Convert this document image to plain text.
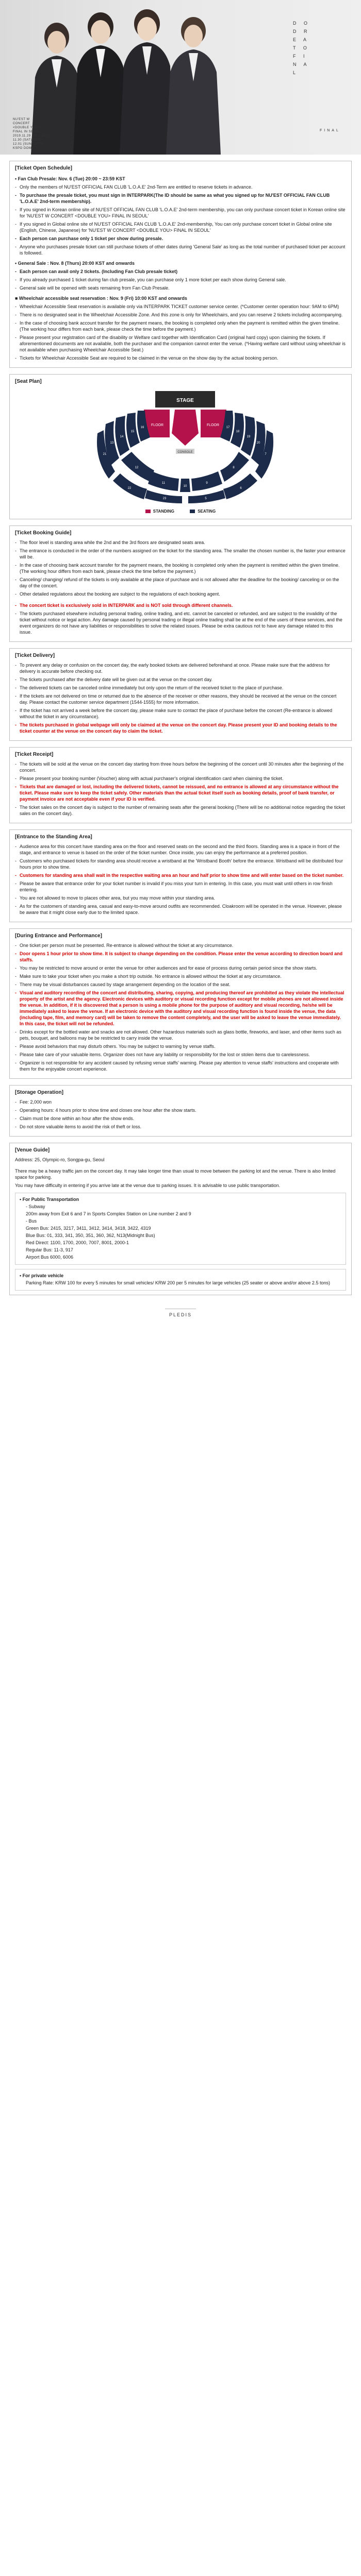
D O
D R
E A
T O
F I
N A
L
NU'EST W
CONCERT
<DOUBLE YOU>
FINAL IN SEOUL
2019.11.29 (FRI) 20:00
11.30 (SAT) 18:00
12.01 (SUN) 17:00
KSPO DOME
FINAL
[Ticket Open Schedule]
• Fan Club Presale: Nov. 6 (Tue) 20:00 ~ 23:59 KST
- Only the members of NU'EST OFFICIAL FAN CLUB 'L.O.A.E' 2nd-Term are entitled to reserve tickets in advance.
- To purchase the presale ticket, you must sign in INTERPARK(The ID should be same as what you signed up for NU'EST OFFICIAL FAN CLUB 'L.O.A.E' 2nd-term membership).
- If you signed in Korean online site of NU'EST OFFICIAL FAN CLUB 'L.O.A.E' 2nd-term membership, you can only purchase concert ticket in Korean online site for 'NU'EST W CONCERT <DOUBLE YOU> FINAL IN SEOUL'
- If you signed in Global online site of NU'EST OFFICIAL FAN CLUB 'L.O.A.E' 2nd-membership, You can only purchase concert ticket in Global online site (English, Chinese, Japanese) for 'NU'EST W CONCERT <DOUBLE YOU> FINAL IN SEOUL'
- Each person can purchase only 1 ticket per show during presale.
- Anyone who purchases presale ticket can still purchase tickets of other dates during 'General Sale' as long as the total number of purchased ticket per account is followed.
• General Sale : Nov. 8 (Thurs) 20:00 KST and onwards
- Each person can avail only 2 tickets. (Including Fan Club presale ticket)
- If you already purchased 1 ticket during fan club presale, you can purchase only 1 more ticket per each show during General sale.
- General sale will be opened with seats remaining from Fan Club Presale.
■ Wheelchair accessible seat reservation : Nov. 9 (Fri) 10:00 KST and onwards
- Wheelchair Accessible Seat reservation is available only via INTERPARK TICKET customer service center. (*Customer center operation hour: 9AM to 6PM)
- There is no designated seat in the Wheelchair Accessible Zone. And this zone is only for Wheelchairs, and you can reserve 2 tickets including accompanying.
- In the case of choosing bank account transfer for the payment means, the booking is completed only when the payment is remitted within the given timeline. (The working hour differs from each bank, please check the time before the payment.)
- Please present your registration card of the disability or Welfare card together with Identification Card (original hard copy) upon claiming the tickets. If aforementioned documents are not available, both the purchaser and the companion cannot enter the venue. (*Having welfare card without using wheelchair is not available when purchasing Wheelchair Accessible Seat.)
- Tickets for Wheelchair Accessible Seat are required to be claimed in the venue on the show day by the actual booking person.
[Seat Plan]
STAGE
FLOOR	FLOOR
CONSOLE
16
15
14
13
17
18
19
20
12
11
10
9
8
21	7
22	6
23	5
STANDING	SEATING
[Ticket Booking Guide]
- The floor level is standing area while the 2nd and the 3rd floors are designated seats area.
- The entrance is conducted in the order of the numbers assigned on the ticket for the standing area. The smaller the chosen number is, the faster your entrance will be.
- In the case of choosing bank account transfer for the payment means, the booking is completed only when the payment is remitted within the given timeline. (The working hour differs from each bank, please check the time before the payment.)
- Canceling/ changing/ refund of the tickets is only available at the place of purchase and is not allowed after the deadline for the booking/ canceling or on the day of the concert.
- Other detailed regulations about the booking are subject to the regulations of each booking agent.
- The concert ticket is exclusively sold in INTERPARK and is NOT sold through different channels.
- The tickets purchased elsewhere including personal trading, online trading, and etc. cannot be canceled or refunded, and are subject to the invalidity of the ticket without notice or legal action. Any damage caused by personal trading or illegal online trading shall be at the end of the users of these services, and the event organizers do not have any liabilities or responsibilities to solve the related issues. Please be extra cautious not to have any damage related to this issue.
[Ticket Delivery]
- To prevent any delay or confusion on the concert day, the early booked tickets are delivered beforehand at once. Please make sure that the address for delivery is accurate before checking out.
- The tickets purchased after the delivery date will be given out at the venue on the concert day.
- The delivered tickets can be canceled online immediately but only upon the return of the received ticket to the place of purchase.
- If the tickets are not delivered on time or returned due to the absence of the receiver or other reasons, they should be received at the venue on the concert day. Please contact the customer service department (1544-1555) for more information.
- If the ticket has not arrived a week before the concert day, please make sure to contact the place of purchase before the concert (Re-entrance is allowed without the ticket in any circumstance).
- The tickets purchased in global webpage will only be claimed at the venue on the concert day. Please present your ID and booking details to the ticket counter at the venue on the concert day to claim the ticket.
[Ticket Receipt]
- The tickets will be sold at the venue on the concert day starting from three hours before the beginning of the concert until 30 minutes after the beginning of the concert.
- Please present your booking number (Voucher) along with actual purchaser's original identification card when claiming the ticket.
- Tickets that are damaged or lost, including the delivered tickets, cannot be reissued, and no entrance is allowed at any circumstance without the ticket. Please make sure to keep the ticket safely. Other materials than the actual ticket itself such as booking details, proof of bank transfer, or payment invoice are not acceptable even if your ID is verified.
- The ticket sales on the concert day is subject to the number of remaining seats after the general booking (There will be no additional notice regarding the ticket sales on the concert day).
[Entrance to the Standing Area]
- Audience area for this concert have standing area on the floor and reserved seats on the second and the third floors. Standing area is a space in front of the stage, and entrance to venue is based on the order of the ticket number. Once inside, you can enjoy the performance at a preferred position.
- Customers who purchased tickets for standing area should receive a wristband at the 'Wristband Booth' before the entrance. Wristband will be distributed four hours prior to show time.
- Customers for standing area shall wait in the respective waiting area an hour and half prior to show time and will enter based on the ticket number.
- Please be aware that entrance order for your ticket number is invalid if you miss your turn in entering. In this case, you must wait until others in row finish entering.
- You are not allowed to move to places other area, but you may move within your standing area.
- As for the customers of standing area, casual and easy-to-move around outfits are recommended. Cloakroom will be operated in the venue. However, please be aware that it might close early due to the limited space.
[During Entrance and Performance]
- One ticket per person must be presented. Re-entrance is allowed without the ticket at any circumstance.
- Door opens 1 hour prior to show time. It is subject to change depending on the condition. Please enter the venue according to direction board and staffs.
- You may be restricted to move around or enter the venue for other audiences and for ease of process during certain period since the show starts.
- Make sure to take your ticket when you make a short trip outside. No entrance is allowed without the ticket at any circumstance.
- There may be visual disturbances caused by stage arrangement depending on the location of the seat.
- Visual and auditory recording of the concert and distributing, sharing, copying, and producing thereof are prohibited as they violate the intellectual property of the artist and the agency. Electronic devices with auditory or visual recording function except for mobile phones are not allowed inside the venue. In addition, if it is discovered that a person is using a mobile phone for the purpose of auditory and visual recording, he/she will be immediately asked to leave the venue. If an electronic device with the auditory and visual recording function is found inside the venue, the data (including tape, film, and memory card) will be taken to remove the content completely, and the user will be asked to leave the venue immediately. In this case, the ticket will not be refunded.
- Drinks except for the bottled water and snacks are not allowed. Other hazardous materials such as glass bottle, fireworks, and laser, and other items such as pets, bouquet, and balloons may be be restricted to carry inside the venue.
- Please avoid behaviors that may disturb others. You may be subject to warning by venue staffs.
- Please take care of your valuable items. Organizer does not have any liability or responsibility for the lost or stolen items due to carelessness.
- Organizer is not responsible for any accident caused by refusing venue staffs' warning. Please pay attention to venue staffs' instructions and cooperate with them for the enjoyable concert experience.
[Storage Operation]
- Fee: 2,000 won
- Operating hours: 4 hours prior to show time and closes one hour after the show starts.
- Claim must be done within an hour after the show ends.
- Do not store valuable items to avoid the risk of theft or loss.
[Venue Guide]
Address: 25, Olympic-ro, Songpa-gu, Seoul
There may be a heavy traffic jam on the concert day. It may take longer time than usual to move between the parking lot and the venue. There is also limited space for parking.
You may have difficulty in entering if you arrive late at the venue due to parking issues. It is advisable to use public transportation.
• For Public Transportation
- Subway
200m away from Exit 6 and 7 in Sports Complex Station on Line number 2 and 9
- Bus
Green Bus: 2415, 3217, 3411, 3412, 3414, 3418, 3422, 4319
Blue Bus: 01, 333, 341, 350, 351, 360, 362, N13(Midnight Bus)
Red Direct: 1100, 1700, 2000, 7007, 8001, 2000-1
Regular Bus: 11-3, 917
Airport Bus 6000, 6006
• For private vehicle
Parking Rate: KRW 100 for every 5 minutes for small vehicles/ KRW 200 per 5 minutes for large vehicles (25 seater or above and/or above 2.5 tons)
PLEDIS
